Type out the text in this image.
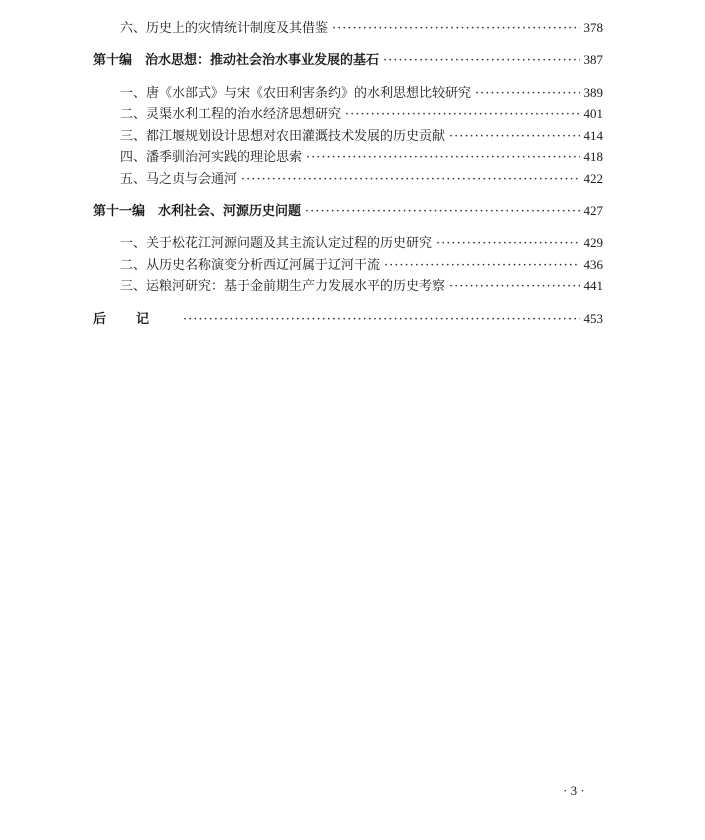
六、历史上的灾情统计制度及其借鉴 ·····	378
第十编　治水思想：推动社会治水事业发展的基石 ·····	387
一、唐《水部式》与宋《农田利害条约》的水利思想比较研究 ·····	389
二、灵渠水利工程的治水经济思想研究 ·····	401
三、都江堰规划设计思想对农田灌溉技术发展的历史贡献 ·····	414
四、潘季驯治河实践的理论思索 ·····	418
五、马之贞与会通河 ·····	422
第十一编　水利社会、河源历史问题 ·····	427
一、关于松花江河源问题及其主流认定过程的历史研究 ·····	429
二、从历史名称演变分析西辽河属于辽河干流 ·····	436
三、运粮河研究：基于金前期生产力发展水平的历史考察 ·····	441
后记 ·····	453
· 3 ·
